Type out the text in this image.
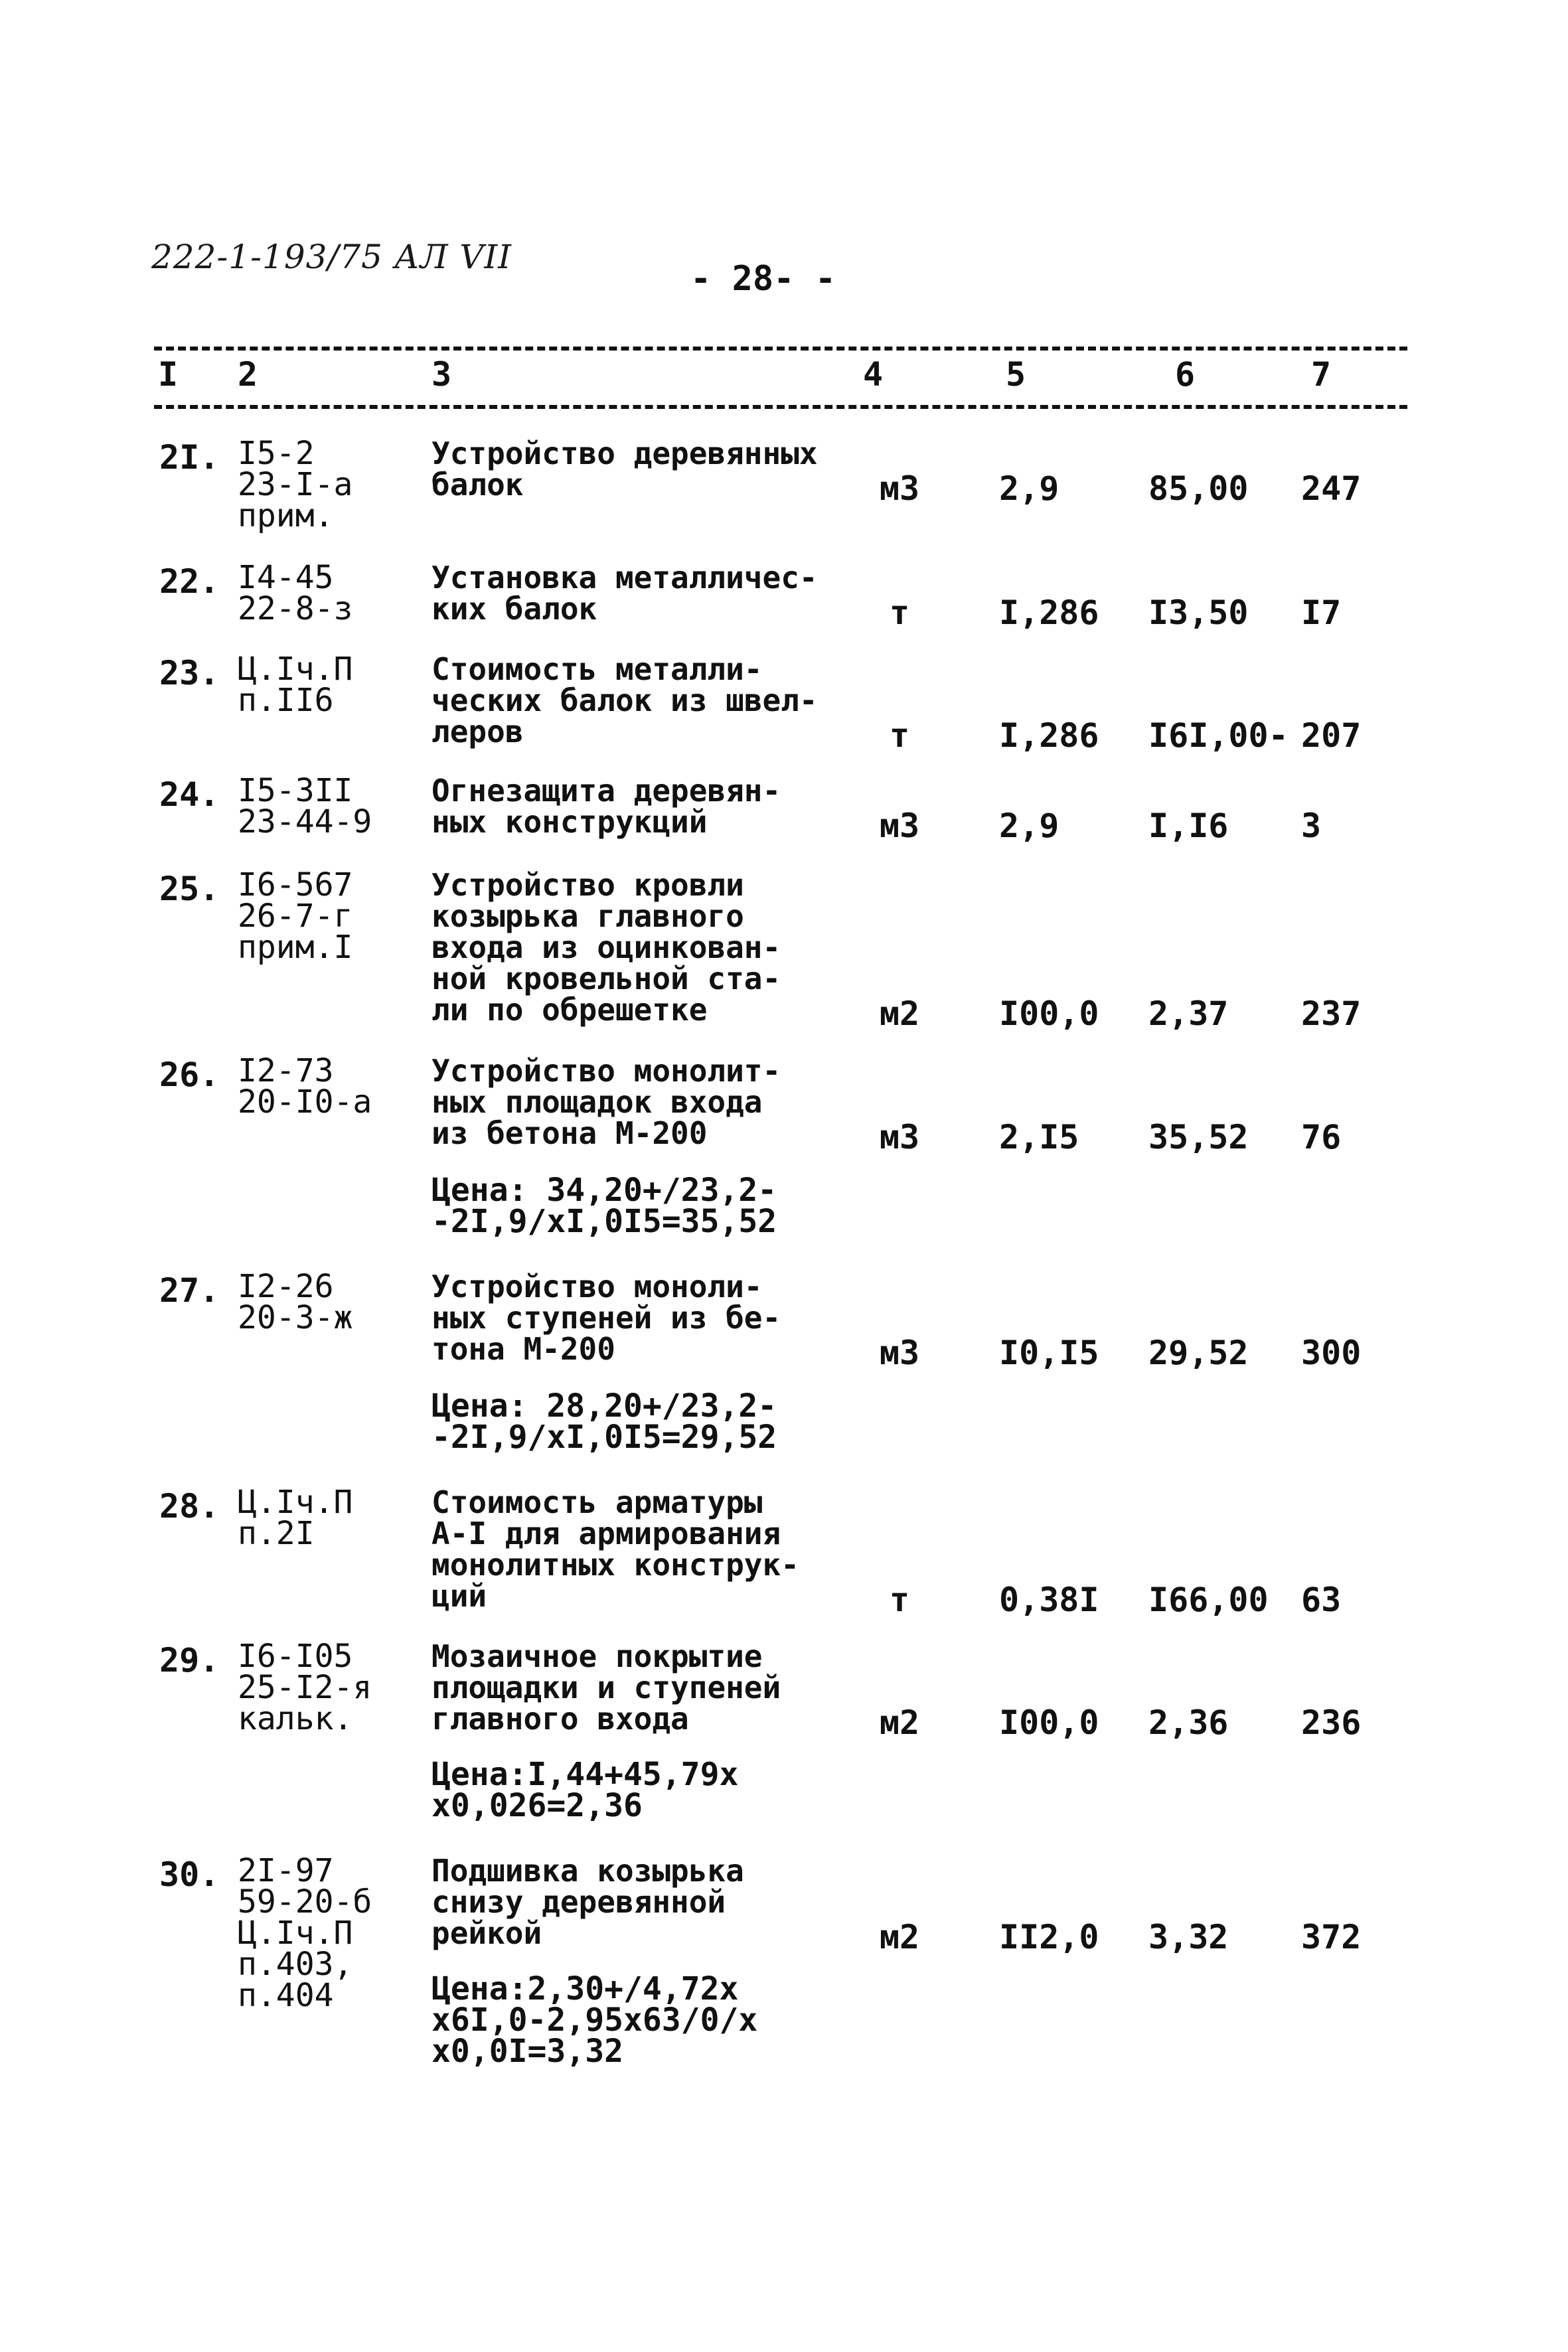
222-1-193/75 АЛ VII
- 28- -
I 2	3	4	5	6	7
2I. I5-2
23-I-а
прим.
Устройство деревянных
балок	м3	2,9	85,00 247
22. I4-45
22-8-з
Установка металличес-
ких балок	т	I,286 I3,50 I7
23. Ц.Iч.П
п.II6
Стоимость металли-
ческих балок из швел-
леров	т	I,286 I6I,00- 207
24. I5-3II
23-44-9
Огнезащита деревян-
ных конструкций	м3	2,9	I,I6 3
25. I6-567
26-7-г
прим.I
Устройство кровли
козырька главного
входа из оцинкован-
ной кровельной ста-
ли по обрешетке	м2	I00,0 2,37 237
26. I2-73
20-I0-а
Устройство монолит-
ных площадок входа
из бетона М-200	м3	2,I5 35,52 76
Цена: 34,20+/23,2-
-2I,9/хI,0I5=35,52
27. I2-26
20-3-ж
Устройство моноли-
ных ступеней из бе-
тона М-200	м3	I0,I5 29,52 300
Цена: 28,20+/23,2-
-2I,9/хI,0I5=29,52
28. Ц.Iч.П
п.2I
Стоимость арматуры
А-I для армирования
монолитных конструк-
ций	т	0,38I I66,00 63
29. I6-I05
25-I2-я
кальк.
Мозаичное покрытие
площадки и ступеней
главного входа	м2	I00,0 2,36 236
Цена:I,44+45,79х
х0,026=2,36
30. 2I-97
59-20-б
Ц.Iч.П
п.403,
п.404
Подшивка козырька
снизу деревянной
рейкой	м2	II2,0 3,32 372
Цена:2,30+/4,72х
х6I,0-2,95х63/0/х
х0,0I=3,32
